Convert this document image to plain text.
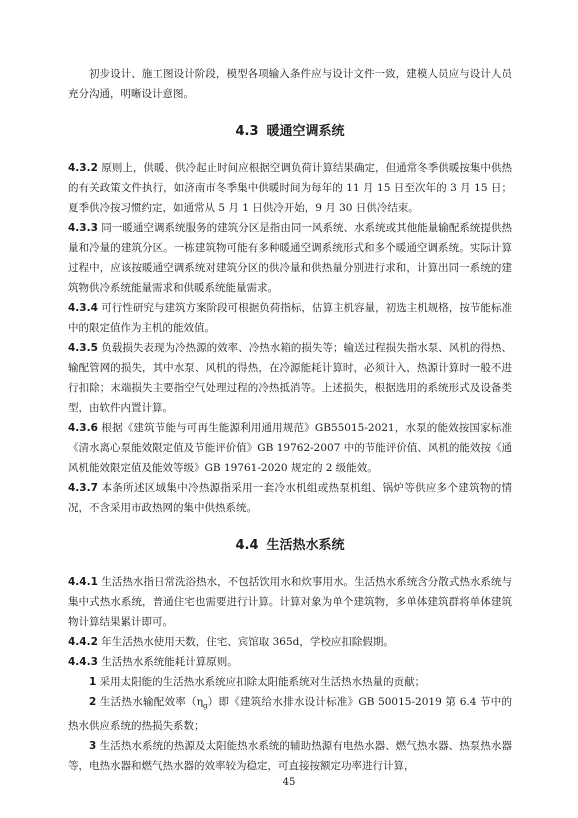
初步设计、施工图设计阶段，模型各项输入条件应与设计文件一致，建模人员应与设计人员充分沟通，明晰设计意图。

4.3 暖通空调系统

4.3.2 原则上，供暖、供冷起止时间应根据空调负荷计算结果确定，但通常冬季供暖按集中供热的有关政策文件执行，如济南市冬季集中供暖时间为每年的 11 月 15 日至次年的 3 月 15 日；夏季供冷按习惯约定，如通常从 5 月 1 日供冷开始，9 月 30 日供冷结束。

4.3.3 同一暖通空调系统服务的建筑分区是指由同一风系统、水系统或其他能量输配系统提供热量和冷量的建筑分区。一栋建筑物可能有多种暖通空调系统形式和多个暖通空调系统。实际计算过程中，应该按暖通空调系统对建筑分区的供冷量和供热量分别进行求和，计算出同一系统的建筑物供冷系统能量需求和供暖系统能量需求。

4.3.4 可行性研究与建筑方案阶段可根据负荷指标，估算主机容量，初选主机规格，按节能标准中的限定值作为主机的能效值。

4.3.5 负载损失表现为冷热源的效率、冷热水箱的损失等；输送过程损失指水泵、风机的得热、输配管网的损失，其中水泵、风机的得热，在冷源能耗计算时，必须计入，热源计算时一般不进行扣除；末端损失主要指空气处理过程的冷热抵消等。上述损失，根据选用的系统形式及设备类型，由软件内置计算。

4.3.6 根据《建筑节能与可再生能源利用通用规范》GB55015-2021，水泵的能效按国家标准《清水离心泵能效限定值及节能评价值》GB 19762-2007 中的节能评价值、风机的能效按《通风机能效限定值及能效等级》GB 19761-2020 规定的 2 级能效。

4.3.7 本条所述区域集中冷热源指采用一套冷水机组或热泵机组、锅炉等供应多个建筑物的情况，不含采用市政热网的集中供热系统。

4.4 生活热水系统

4.4.1 生活热水指日常洗浴热水，不包括饮用水和炊事用水。生活热水系统含分散式热水系统与集中式热水系统，普通住宅也需要进行计算。计算对象为单个建筑物，多单体建筑群将单体建筑物计算结果累计即可。

4.4.2 年生活热水使用天数，住宅、宾馆取 365d，学校应扣除假期。

4.4.3 生活热水系统能耗计算原则。

1 采用太阳能的生活热水系统应扣除太阳能系统对生活热水热量的贡献；

2 生活热水输配效率$(\eta_g)$即《建筑给水排水设计标准》GB 50015-2019 第 6.4 节中的热水供应系统的热损失系数；

3 生活热水系统的热源及太阳能热水系统的辅助热源有电热水器、燃气热水器、热泵热水器等，电热水器和燃气热水器的效率较为稳定，可直接按额定功率进行计算，

45
